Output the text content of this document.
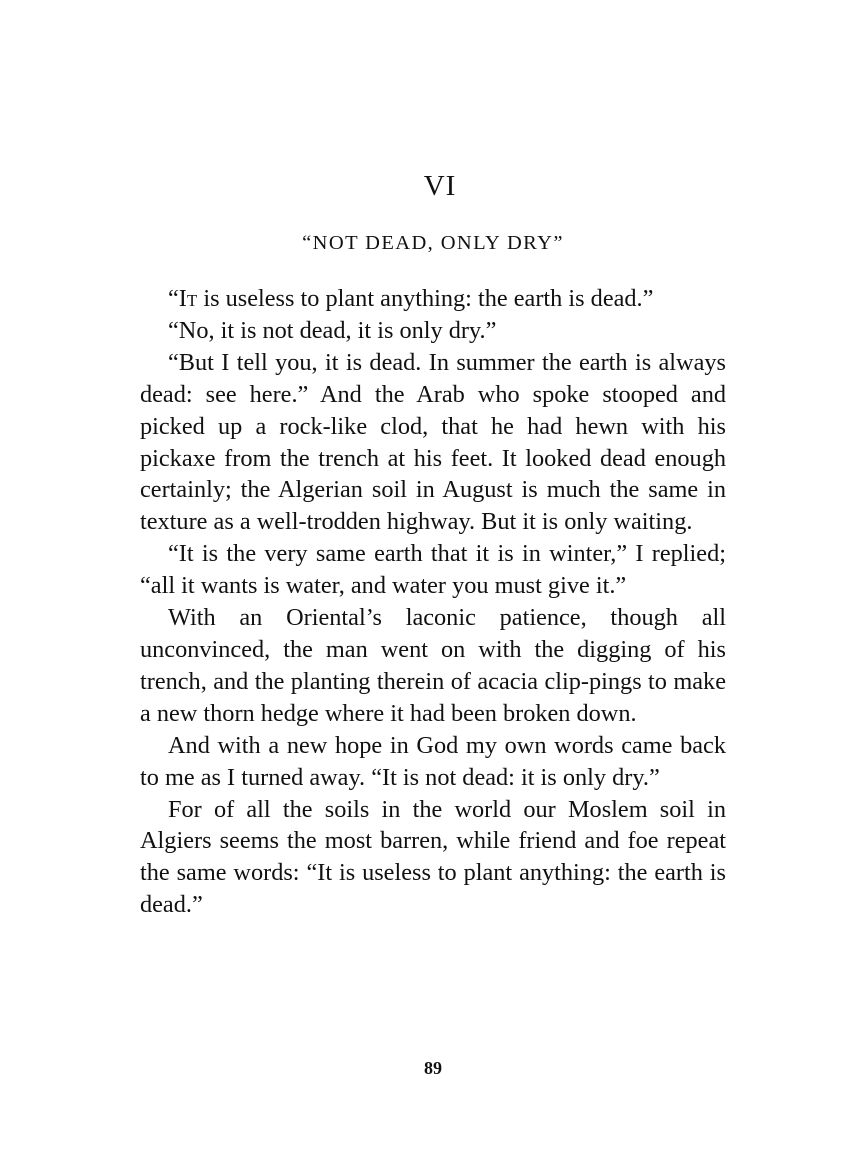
VI
“NOT DEAD, ONLY DRY”

“It is useless to plant anything: the earth is dead.”

“No, it is not dead, it is only dry.”

“But I tell you, it is dead. In summer the earth is always dead: see here.” And the Arab who spoke stooped and picked up a rock-like clod, that he had hewn with his pickaxe from the trench at his feet. It looked dead enough certainly; the Algerian soil in August is much the same in texture as a well-trodden highway. But it is only waiting.

“It is the very same earth that it is in winter,” I replied; “all it wants is water, and water you must give it.”

With an Oriental’s laconic patience, though all unconvinced, the man went on with the digging of his trench, and the planting therein of acacia clip-pings to make a new thorn hedge where it had been broken down.

And with a new hope in God my own words came back to me as I turned away. “It is not dead: it is only dry.”

For of all the soils in the world our Moslem soil in Algiers seems the most barren, while friend and foe repeat the same words: “It is useless to plant anything: the earth is dead.”

89
